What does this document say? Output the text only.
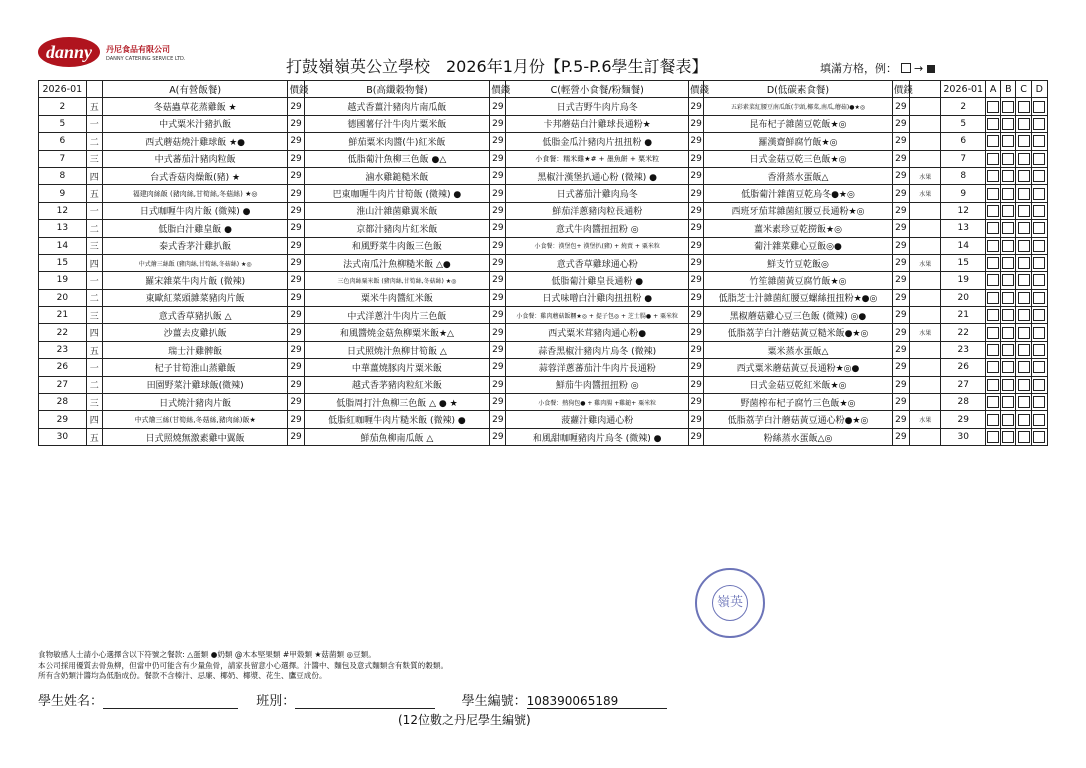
danny	丹尼食品有限公司
DANNY CATERING SERVICE LTD.	打鼓嶺嶺英公立學校　2026年1月份【P.5-P.6學生訂餐表】	填滿方格，例： →
2026-01		A(有營飯餐)	價錢	B(高纖穀物餐)	價錢	C(輕營小食餐/粉麵餐)	價錢	D(低碳素食餐)	價錢		2026-01	A	B	C	D
2	五	冬菇蟲草花蒸雞飯 ★	29	越式香薑汁豬肉片南瓜飯	29	日式吉野牛肉片烏冬	29	五彩素菜紅腰豆南瓜飯(芋頭,椰菜,南瓜,蘑菇)●★◎	29		2				
5	一	中式粟米汁豬扒飯	29	德國薯仔汁牛肉片粟米飯	29	卡邦蘑菇白汁雞球長通粉★	29	昆布杞子雜菌豆乾飯★◎	29		5				
6	二	西式蘑菇燒汁雞球飯 ★●	29	鮮茄粟米肉醬(牛)紅米飯	29	低脂金瓜汁豬肉片扭扭粉 ●	29	羅漢齋鮮腐竹飯★◎	29		6				
7	三	中式蕃茄汁豬肉粒飯	29	低脂葡汁魚柳三色飯 ●△	29	小食餐：糯米雞★# + 墨魚餅 + 粟米粒	29	日式金菇豆乾三色飯★◎	29		7				
8	四	台式香菇肉燥飯(豬) ★	29	滷水雞鎚糙米飯	29	黑椒汁漢堡扒通心粉 (微辣) ●	29	香滑蒸水蛋飯△	29	水果	8				
9	五	福建肉絲飯 (豬肉絲,甘筍絲,冬菇絲) ★◎	29	巴東咖喱牛肉片甘筍飯 (微辣) ●	29	日式蕃茄汁雞肉烏冬	29	低脂葡汁雜菌豆乾烏冬●★◎	29	水果	9				
12	一	日式咖喱牛肉片飯 (微辣) ●	29	淮山汁雜菌雞翼米飯	29	鮮茄洋蔥豬肉粒長通粉	29	西班牙茄茸雜菌紅腰豆長通粉★◎	29		12				
13	二	低脂白汁雞皇飯 ●	29	京都汁豬肉片紅米飯	29	意式牛肉醬扭扭粉 ◎	29	薑米素珍豆乾撈飯★◎	29		13				
14	三	泰式香茅汁雞扒飯	29	和風野菜牛肉飯三色飯	29	小食餐：漢堡包+ 漢堡扒(豬) + 燒賣 + 粟米粒	29	葡汁雜菜雞心豆飯◎●	29		14				
15	四	中式燴三絲飯 (豬肉絲,甘筍絲,冬菇絲) ★◎	29	法式南瓜汁魚柳糙米飯 △●	29	意式香草雞球通心粉	29	鮮支竹豆乾飯◎	29	水果	15				
19	一	羅宋雜菜牛肉片飯 (微辣)	29	三色肉絲粟米飯 (豬肉絲,甘筍絲,冬菇絲) ★◎	29	低脂葡汁雞皇長通粉 ●	29	竹笙雜菌黃豆腐竹飯★◎	29		19				
20	二	東歐紅菜頭雜菜豬肉片飯	29	粟米牛肉醬紅米飯	29	日式味噌白汁雞肉扭扭粉 ●	29	低脂芝士汁雜菌紅腰豆螺絲扭扭粉★●◎	29		20				
21	三	意式香草豬扒飯 △	29	中式洋蔥汁牛肉片三色飯	29	小食餐：雞肉蘑菇飯糰★◎ + 提子包◎ + 芝士腸● + 粟米粒	29	黑椒蘑菇雞心豆三色飯 (微辣) ◎●	29		21				
22	四	沙薑去皮雞扒飯	29	和風醬燒金菇魚柳粟米飯★△	29	西式粟米茸豬肉通心粉●	29	低脂荔芋白汁蘑菇黃豆糙米飯●★◎	29	水果	22				
23	五	瑞士汁雞髀飯	29	日式照燒汁魚柳甘筍飯 △	29	蒜香黑椒汁豬肉片烏冬 (微辣)	29	粟米蒸水蛋飯△	29		23				
26	一	杞子甘筍淮山蒸雞飯	29	中華薑燒豚肉片粟米飯	29	蒜蓉洋蔥蕃茄汁牛肉片長通粉	29	西式粟米蘑菇黃豆長通粉★◎●	29		26				
27	二	田園野菜汁雞球飯(微辣)	29	越式香茅豬肉粒紅米飯	29	鮮茄牛肉醬扭扭粉 ◎	29	日式金菇豆乾紅米飯★◎	29		27				
28	三	日式燒汁豬肉片飯	29	低脂周打汁魚柳三色飯 △ ● ★	29	小食餐：熱狗包● + 雞肉腸 +雞鎚+ 粟米粒	29	野菌榨布杞子腐竹三色飯★◎	29		28				
29	四	中式燴三絲(甘筍絲,冬菇絲,豬肉絲)飯★	29	低脂紅咖喱牛肉片糙米飯 (微辣) ●	29	菠蘿汁雞肉通心粉	29	低脂荔芋白汁蘑菇黃豆通心粉●★◎	29	水果	29				
30	五	日式照燒無激素雞中翼飯	29	鮮茄魚柳南瓜飯 △	29	和風甜咖喱豬肉片烏冬 (微辣) ●	29	粉絲蒸水蛋飯△◎	29		30				
嶺英
食物敏感人士請小心選擇含以下符號之餐款: △蛋類 ●奶類 @木本堅果類 #甲殼類 ★菇菌類 ◎豆類。
本公司採用優質去骨魚柳，但當中仍可能含有少量魚骨，請家長留意小心選擇。汁醬中、麵包及意式麵類含有麩質的穀類。
所有含奶類汁醬均為低脂成份。餐款不含榛汁、忌廉、椰奶、椰漿、花生、鷹豆成份。
學生姓名：	班別：	學生編號：108390065189
(12位數之丹尼學生編號)
